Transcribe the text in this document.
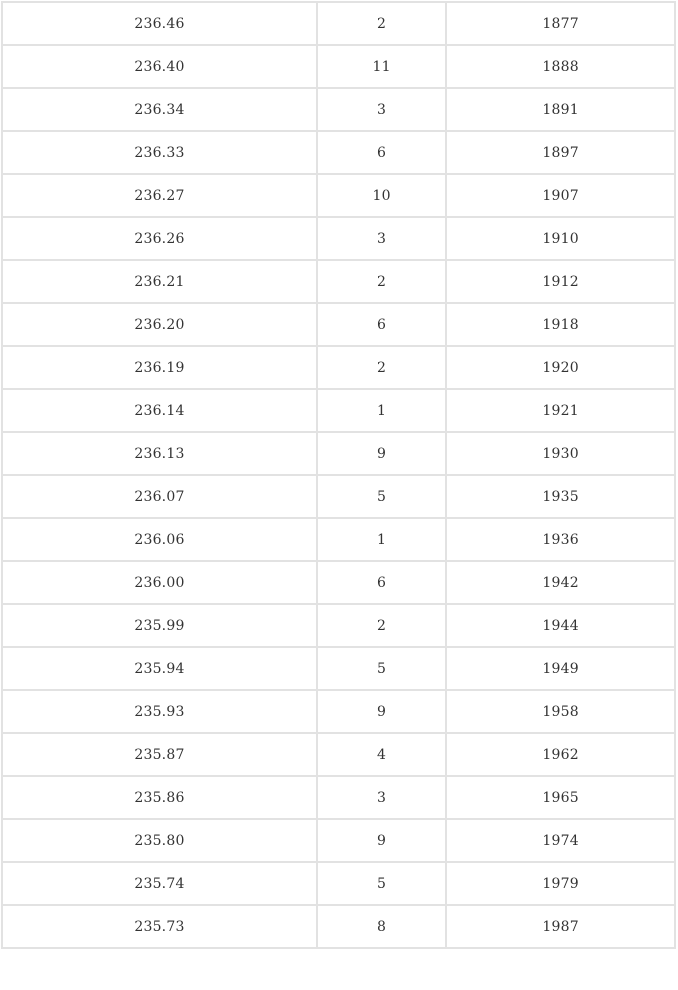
236.46	2	1877
236.40	11	1888
236.34	3	1891
236.33	6	1897
236.27	10	1907
236.26	3	1910
236.21	2	1912
236.20	6	1918
236.19	2	1920
236.14	1	1921
236.13	9	1930
236.07	5	1935
236.06	1	1936
236.00	6	1942
235.99	2	1944
235.94	5	1949
235.93	9	1958
235.87	4	1962
235.86	3	1965
235.80	9	1974
235.74	5	1979
235.73	8	1987
